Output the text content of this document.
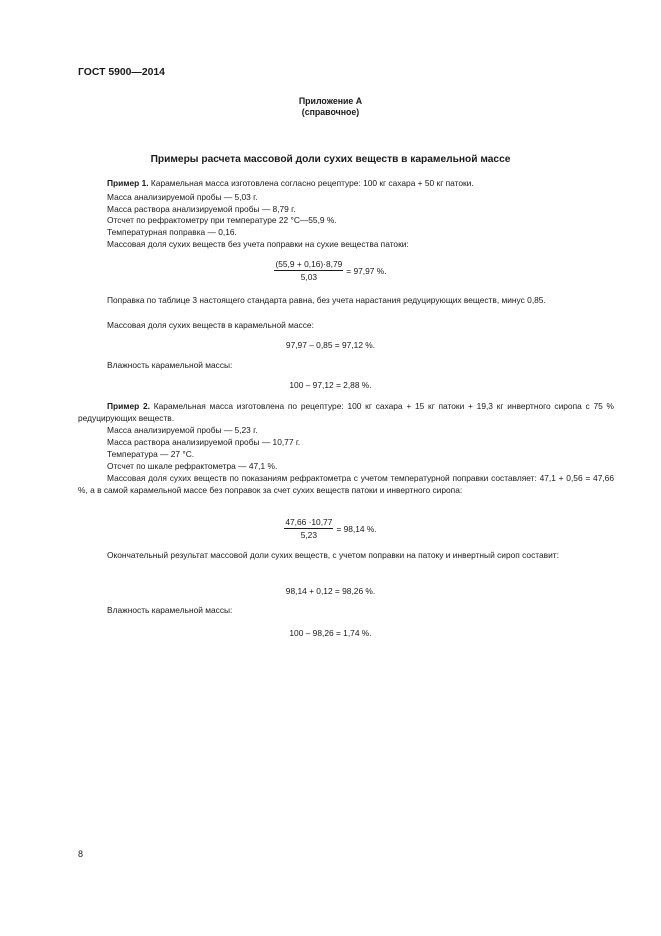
ГОСТ 5900—2014
Приложение А
(справочное)
Примеры расчета массовой доли сухих веществ в карамельной массе
Пример 1. Карамельная масса изготовлена согласно рецептуре: 100 кг сахара + 50 кг патоки.
Масса анализируемой пробы — 5,03 г.
Масса раствора анализируемой пробы — 8,79 г.
Отсчет по рефрактометру при температуре 22 °С—55,9 %.
Температурная поправка — 0,16.
Массовая доля сухих веществ без учета поправки на сухие вещества патоки:
$\frac{(55,9 + 0,16)\cdot 8,79}{5,03} = 97,97$ %.
Поправка по таблице 3 настоящего стандарта равна, без учета нарастания редуцирующих веществ, минус 0,85.
Массовая доля сухих веществ в карамельной массе:
97,97 – 0,85 = 97,12 %.
Влажность карамельной массы:
100 – 97,12 = 2,88 %.
Пример 2. Карамельная масса изготовлена по рецептуре: 100 кг сахара + 15 кг патоки + 19,3 кг инвертного сиропа с 75 % редуцирующих веществ.
Масса анализируемой пробы — 5,23 г.
Масса раствора анализируемой пробы — 10,77 г.
Температура — 27 °С.
Отсчет по шкале рефрактометра — 47,1 %.
Массовая доля сухих веществ по показаниям рефрактометра с учетом температурной поправки составляет: 47,1 + 0,56 = 47,66 %, а в самой карамельной массе без поправок за счет сухих веществ патоки и инвертного сиропа:
$\frac{47,66 \cdot 10,77}{5,23} = 98,14$ %.
Окончательный результат массовой доли сухих веществ, с учетом поправки на патоку и инвертный сироп составит:
98,14 + 0,12 = 98,26 %.
Влажность карамельной массы:
100 – 98,26 = 1,74 %.
8
